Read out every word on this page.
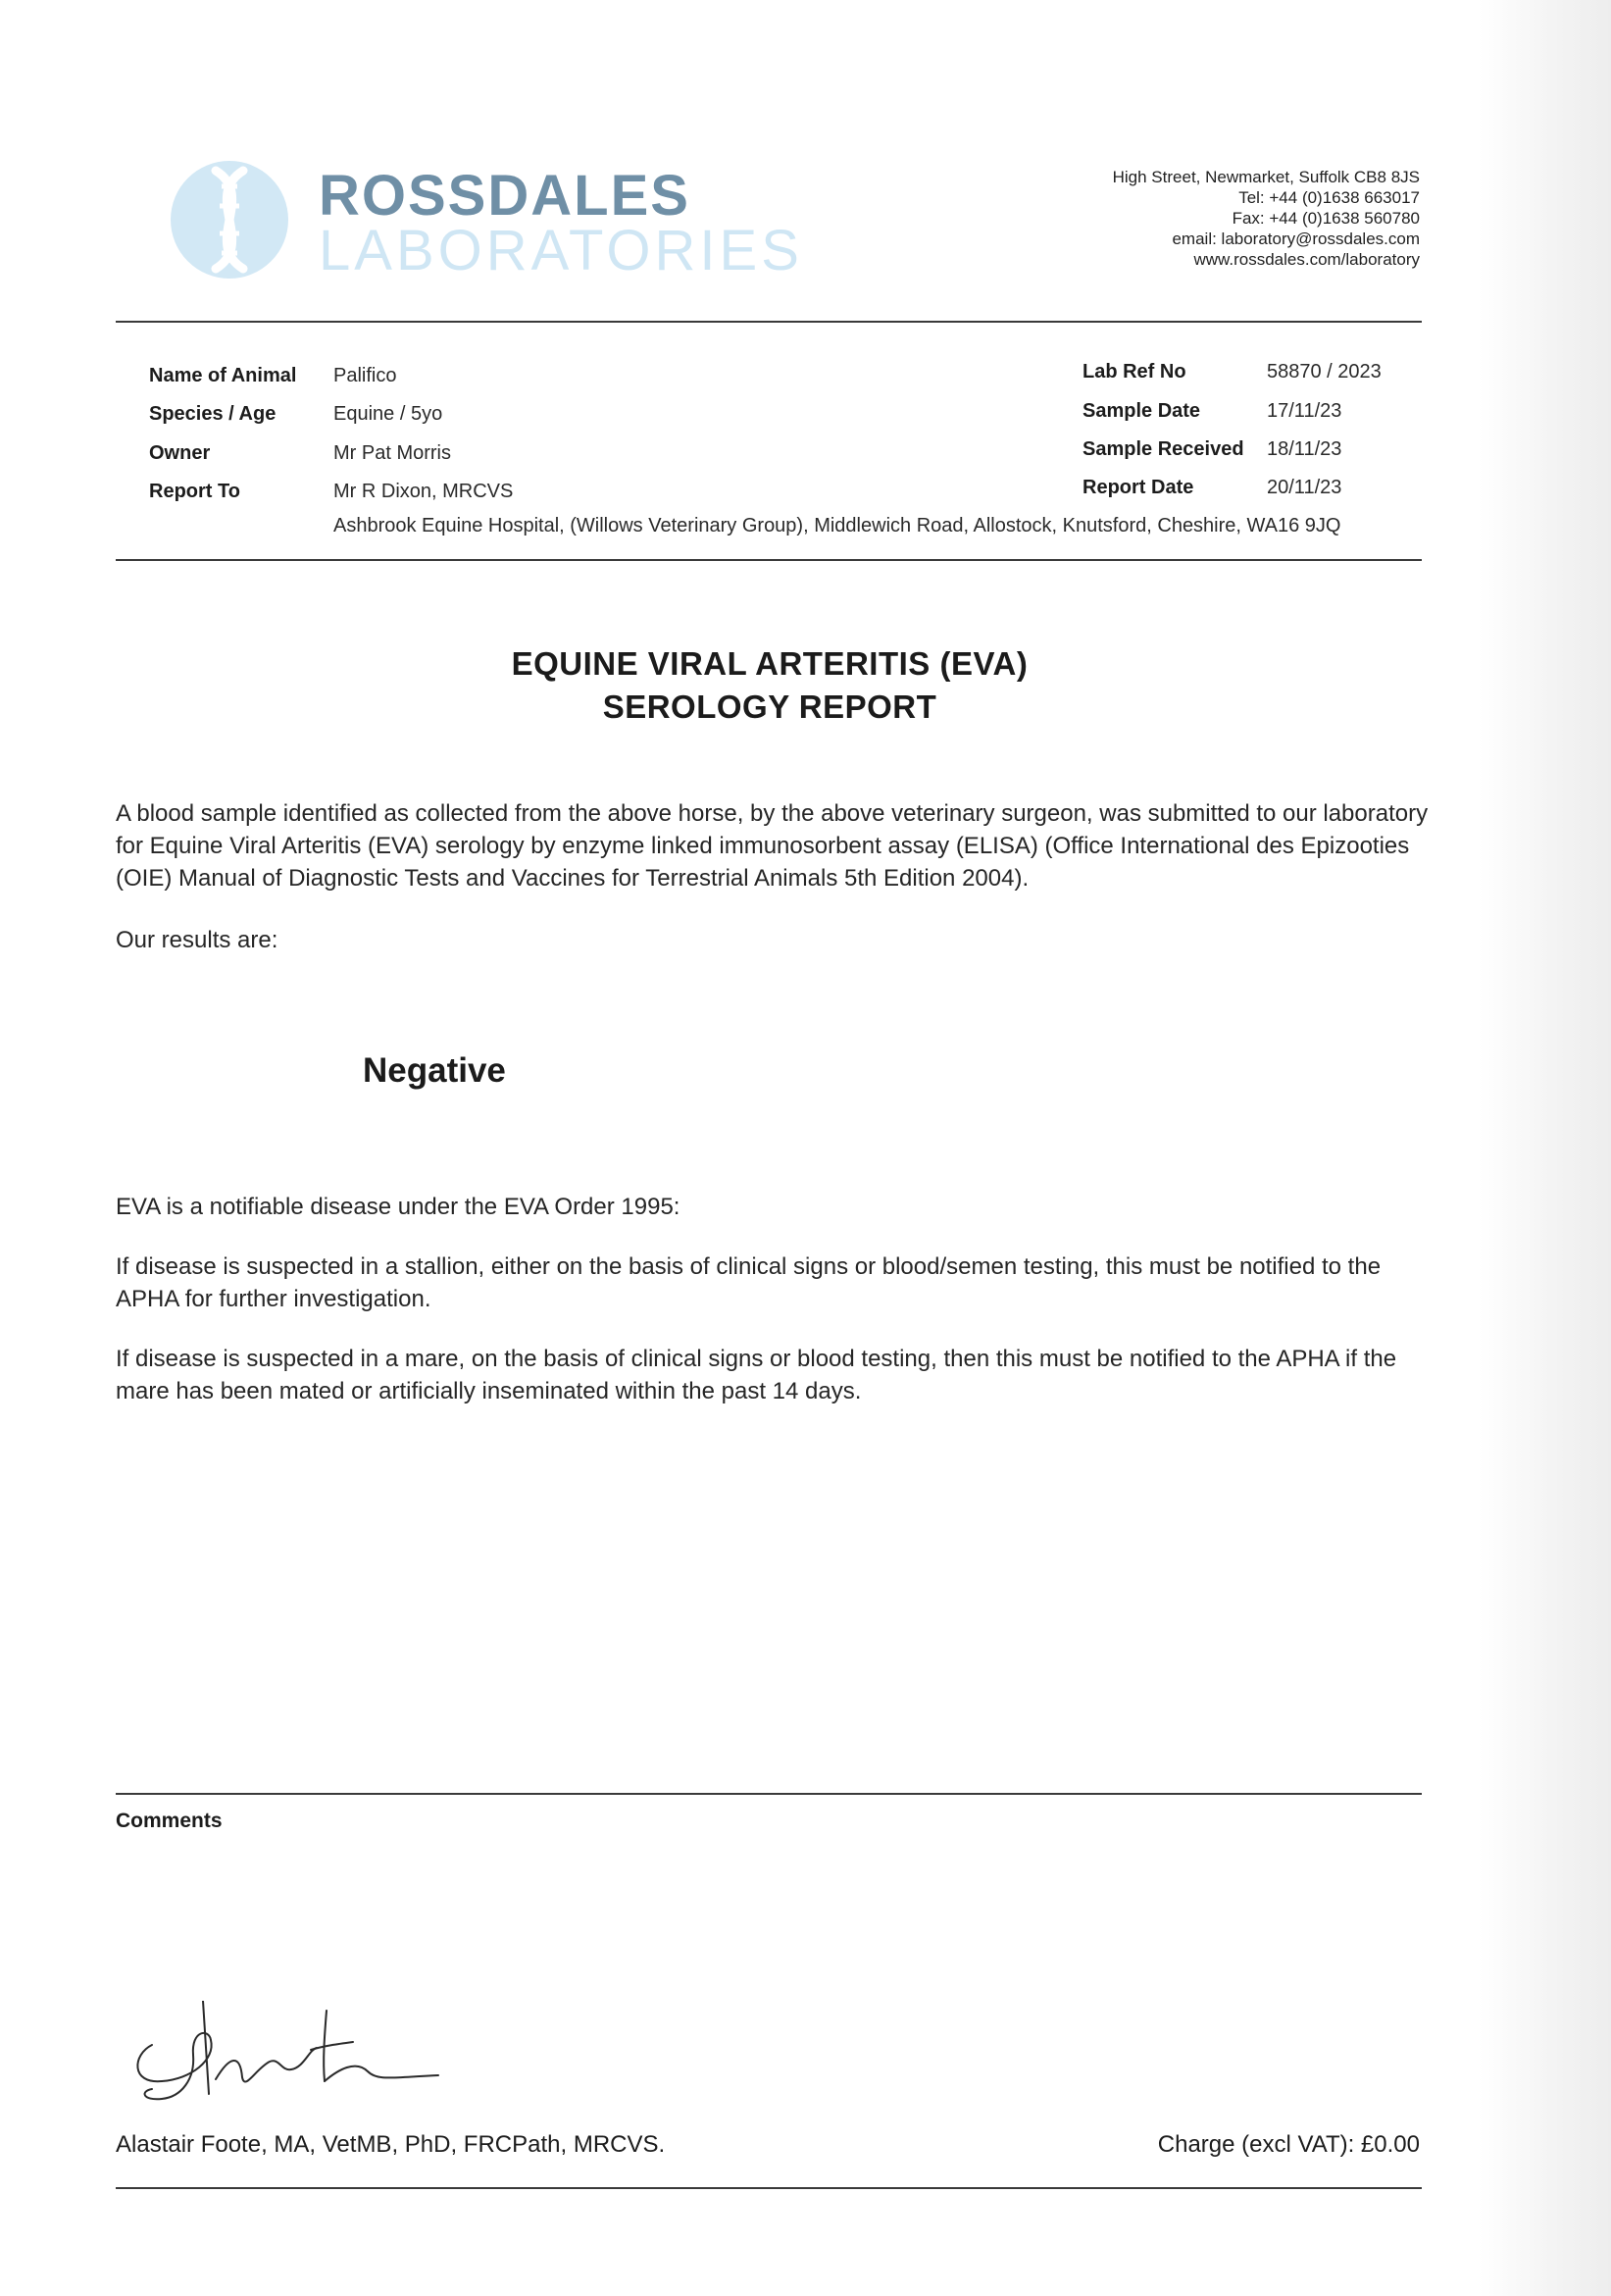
ROSSDALES
LABORATORIES
High Street, Newmarket, Suffolk CB8 8JS
Tel: +44 (0)1638 663017
Fax: +44 (0)1638 560780
email: laboratory@rossdales.com
www.rossdales.com/laboratory
Name of Animal Palifico
Species / Age	Equine / 5yo
Owner	Mr Pat Morris
Report To	Mr R Dixon, MRCVS
Ashbrook Equine Hospital, (Willows Veterinary Group), Middlewich Road, Allostock, Knutsford, Cheshire, WA16 9JQ
Lab Ref No	58870 / 2023
Sample Date	17/11/23
Sample Received 18/11/23
Report Date	20/11/23
EQUINE VIRAL ARTERITIS (EVA)
SEROLOGY REPORT
A blood sample identified as collected from the above horse, by the above veterinary surgeon, was submitted to our laboratory for Equine Viral Arteritis (EVA) serology by enzyme linked immunosorbent assay (ELISA) (Office International des Epizooties (OIE) Manual of Diagnostic Tests and Vaccines for Terrestrial Animals 5th Edition 2004).
Our results are:
Negative
EVA is a notifiable disease under the EVA Order 1995:
If disease is suspected in a stallion, either on the basis of clinical signs or blood/semen testing, this must be notified to the APHA for further investigation.
If disease is suspected in a mare, on the basis of clinical signs or blood testing, then this must be notified to the APHA if the mare has been mated or artificially inseminated within the past 14 days.
Comments
Alastair Foote, MA, VetMB, PhD, FRCPath, MRCVS.	Charge (excl VAT): £0.00
